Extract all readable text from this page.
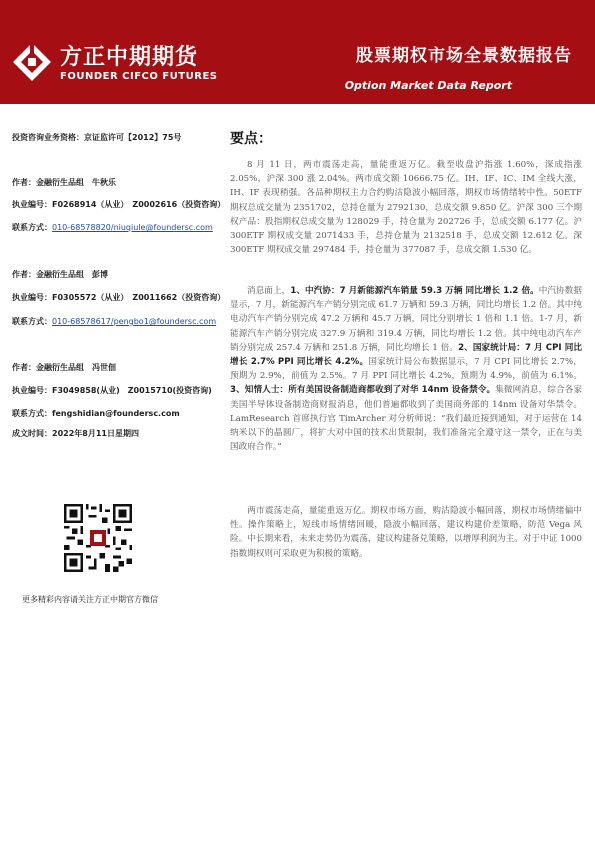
方正中期期货
FOUNDER CIFCO FUTURES
股票期权市场全景数据报告
Option Market Data Report
投资咨询业务资格：京证监许可【2012】75号
作者：金融衍生品组　牛秋乐
执业编号：F0268914（从业）　Z0002616（投资咨询）
联系方式：010-68578820/niuqiule@foundersc.com
作者：金融衍生品组　彭博
执业编号：F0305572（从业）　Z0011662（投资咨询）
联系方式：010-68578617/pengbo1@foundersc.com
作者：金融衍生品组　冯世佃
执业编号：F3049858(从业)　Z0015710(投资咨询)
联系方式：fengshidian@foundersc.com
成文时间：2022年8月11日星期四
更多精彩内容请关注方正中期官方微信
要点：
8 月 11 日，两市震荡走高，量能重返万亿。截至收盘沪指涨 1.60%，深成指涨 2.05%，沪深 300 涨 2.04%。两市成交额 10666.75 亿。IH、IF、IC、IM 全线大涨，IH、IF 表现稍强。各品种期权主力合约购沽隐波小幅回落，期权市场情绪转中性。50ETF 期权总成交量为 2351702，总持仓量为 2792130，总成交额 9.850 亿。沪深 300 三个期权产品：股指期权总成交量为 128029 手，持仓量为 202726 手，总成交额 6.177 亿。沪 300ETF 期权成交量 2071433 手，总持仓量为 2132518 手，总成交额 12.612 亿。深 300ETF 期权成交量 297484 手，持仓量为 377087 手，总成交额 1.530 亿。
消息面上，1、中汽协：7 月新能源汽车销量 59.3 万辆 同比增长 1.2 倍。中汽协数据显示，7 月，新能源汽车产销分别完成 61.7 万辆和 59.3 万辆，同比均增长 1.2 倍。其中纯电动汽车产销分别完成 47.2 万辆和 45.7 万辆，同比分别增长 1 倍和 1.1 倍。1-7 月，新能源汽车产销分别完成 327.9 万辆和 319.4 万辆，同比均增长 1.2 倍。其中纯电动汽车产销分别完成 257.4 万辆和 251.8 万辆，同比均增长 1 倍。2、国家统计局：7 月 CPI 同比增长 2.7% PPI 同比增长 4.2%。国家统计局公布数据显示，7 月 CPI 同比增长 2.7%，预期为 2.9%，前值为 2.5%。7 月 PPI 同比增长 4.2%，预期为 4.9%，前值为 6.1%。3、知情人士：所有美国设备制造商都收到了对华 14nm 设备禁令。集微网消息，综合各家美国半导体设备制造商财报消息，他们普遍都收到了美国商务部的 14nm 设备对华禁令。LamResearch 首席执行官 TimArcher 对分析师说：“我们最近接到通知，对于运营在 14 纳米以下的晶圆厂，将扩大对中国的技术出货限制，我们准备完全遵守这一禁令，正在与美国政府合作。”
两市震荡走高，量能重返万亿。期权市场方面，购沽隐波小幅回落，期权市场情绪偏中性。操作策略上，短线市场情绪回暖，隐波小幅回落，建议构建价差策略，防范 Vega 风险。中长期来看，未来走势仍为震荡，建议构建备兑策略，以增厚利润为主。对于中证 1000 指数期权则可采取更为积极的策略。
